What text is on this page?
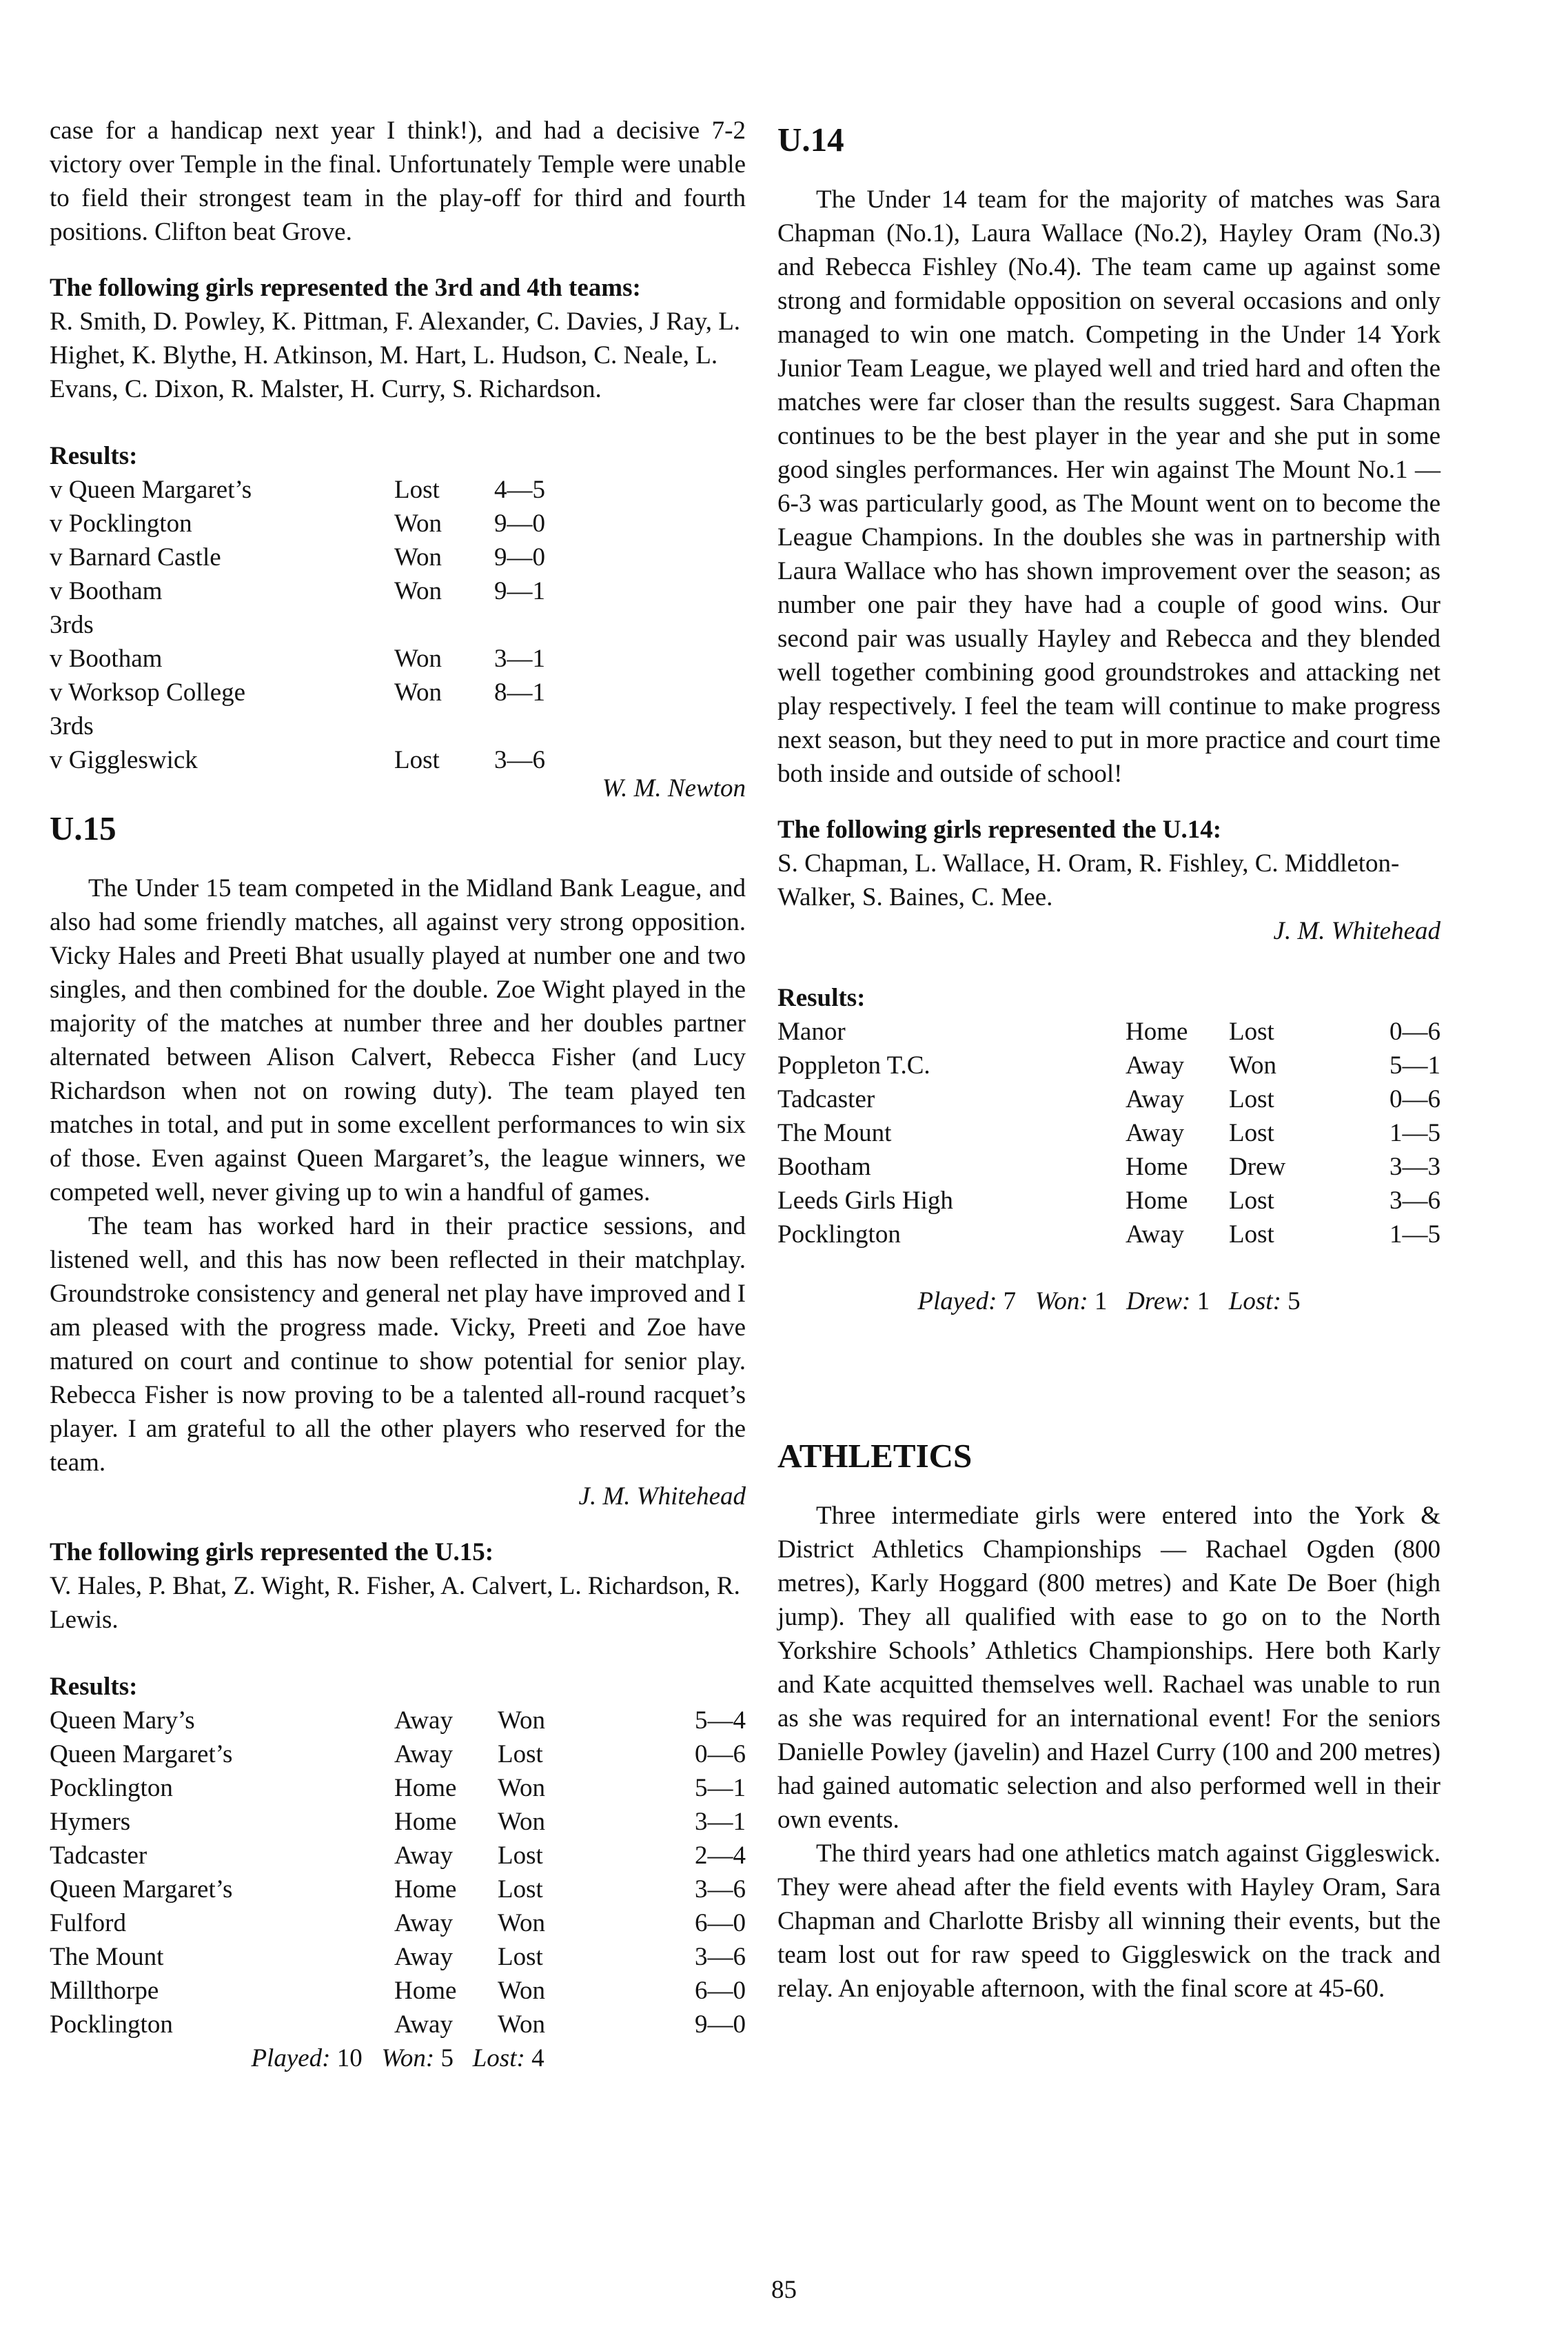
case for a handicap next year I think!), and had a decisive 7-2 victory over Temple in the final. Unfortunately Temple were unable to field their strongest team in the play-off for third and fourth positions. Clifton beat Grove.

The following girls represented the 3rd and 4th teams:

R. Smith, D. Powley, K. Pittman, F. Alexander, C. Davies, J Ray, L. Highet, K. Blythe, H. Atkinson, M. Hart, L. Hudson, C. Neale, L. Evans, C. Dixon, R. Malster, H. Curry, S. Richardson.

Results:

v Queen Margaret’s	Lost	4—5
v Pocklington	Won	9—0
v Barnard Castle	Won	9—0
v Bootham	Won	9—1
3rds		
v Bootham	Won	3—1
v Worksop College	Won	8—1
3rds		
v Giggleswick	Lost	3—6

W. M. Newton

U.15

The Under 15 team competed in the Midland Bank League, and also had some friendly matches, all against very strong opposition. Vicky Hales and Preeti Bhat usually played at number one and two singles, and then combined for the double. Zoe Wight played in the majority of the matches at number three and her doubles partner alternated between Alison Calvert, Rebecca Fisher (and Lucy Richardson when not on rowing duty). The team played ten matches in total, and put in some excellent performances to win six of those. Even against Queen Margaret’s, the league winners, we competed well, never giving up to win a handful of games.

The team has worked hard in their practice sessions, and listened well, and this has now been reflected in their matchplay. Groundstroke consistency and general net play have improved and I am pleased with the progress made. Vicky, Preeti and Zoe have matured on court and continue to show potential for senior play. Rebecca Fisher is now proving to be a talented all-round racquet’s player. I am grateful to all the other players who reserved for the team.

J. M. Whitehead

The following girls represented the U.15:

V. Hales, P. Bhat, Z. Wight, R. Fisher, A. Calvert, L. Richardson, R. Lewis.

Results:

Queen Mary’s	Away	Won	5—4
Queen Margaret’s	Away	Lost	0—6
Pocklington	Home	Won	5—1
Hymers	Home	Won	3—1
Tadcaster	Away	Lost	2—4
Queen Margaret’s	Home	Lost	3—6
Fulford	Away	Won	6—0
The Mount	Away	Lost	3—6
Millthorpe	Home	Won	6—0
Pocklington	Away	Won	9—0

Played: 10 Won: 5 Lost: 4

U.14

The Under 14 team for the majority of matches was Sara Chapman (No.1), Laura Wallace (No.2), Hayley Oram (No.3) and Rebecca Fishley (No.4). The team came up against some strong and formidable opposition on several occasions and only managed to win one match. Competing in the Under 14 York Junior Team League, we played well and tried hard and often the matches were far closer than the results suggest. Sara Chapman continues to be the best player in the year and she put in some good singles performances. Her win against The Mount No.1 — 6-3 was particularly good, as The Mount went on to become the League Champions. In the doubles she was in partnership with Laura Wallace who has shown improvement over the season; as number one pair they have had a couple of good wins. Our second pair was usually Hayley and Rebecca and they blended well together combining good groundstrokes and attacking net play respectively. I feel the team will continue to make progress next season, but they need to put in more practice and court time both inside and outside of school!

The following girls represented the U.14:

S. Chapman, L. Wallace, H. Oram, R. Fishley, C. Middleton-Walker, S. Baines, C. Mee.

J. M. Whitehead

Results:

Manor	Home	Lost	0—6
Poppleton T.C.	Away	Won	5—1
Tadcaster	Away	Lost	0—6
The Mount	Away	Lost	1—5
Bootham	Home	Drew	3—3
Leeds Girls High	Home	Lost	3—6
Pocklington	Away	Lost	1—5

Played: 7 Won: 1 Drew: 1 Lost: 5

ATHLETICS

Three intermediate girls were entered into the York & District Athletics Championships — Rachael Ogden (800 metres), Karly Hoggard (800 metres) and Kate De Boer (high jump). They all qualified with ease to go on to the North Yorkshire Schools’ Athletics Championships. Here both Karly and Kate acquitted themselves well. Rachael was unable to run as she was required for an international event! For the seniors Danielle Powley (javelin) and Hazel Curry (100 and 200 metres) had gained automatic selection and also performed well in their own events.

The third years had one athletics match against Giggleswick. They were ahead after the field events with Hayley Oram, Sara Chapman and Charlotte Brisby all winning their events, but the team lost out for raw speed to Giggleswick on the track and relay. An enjoyable afternoon, with the final score at 45-60.

85
